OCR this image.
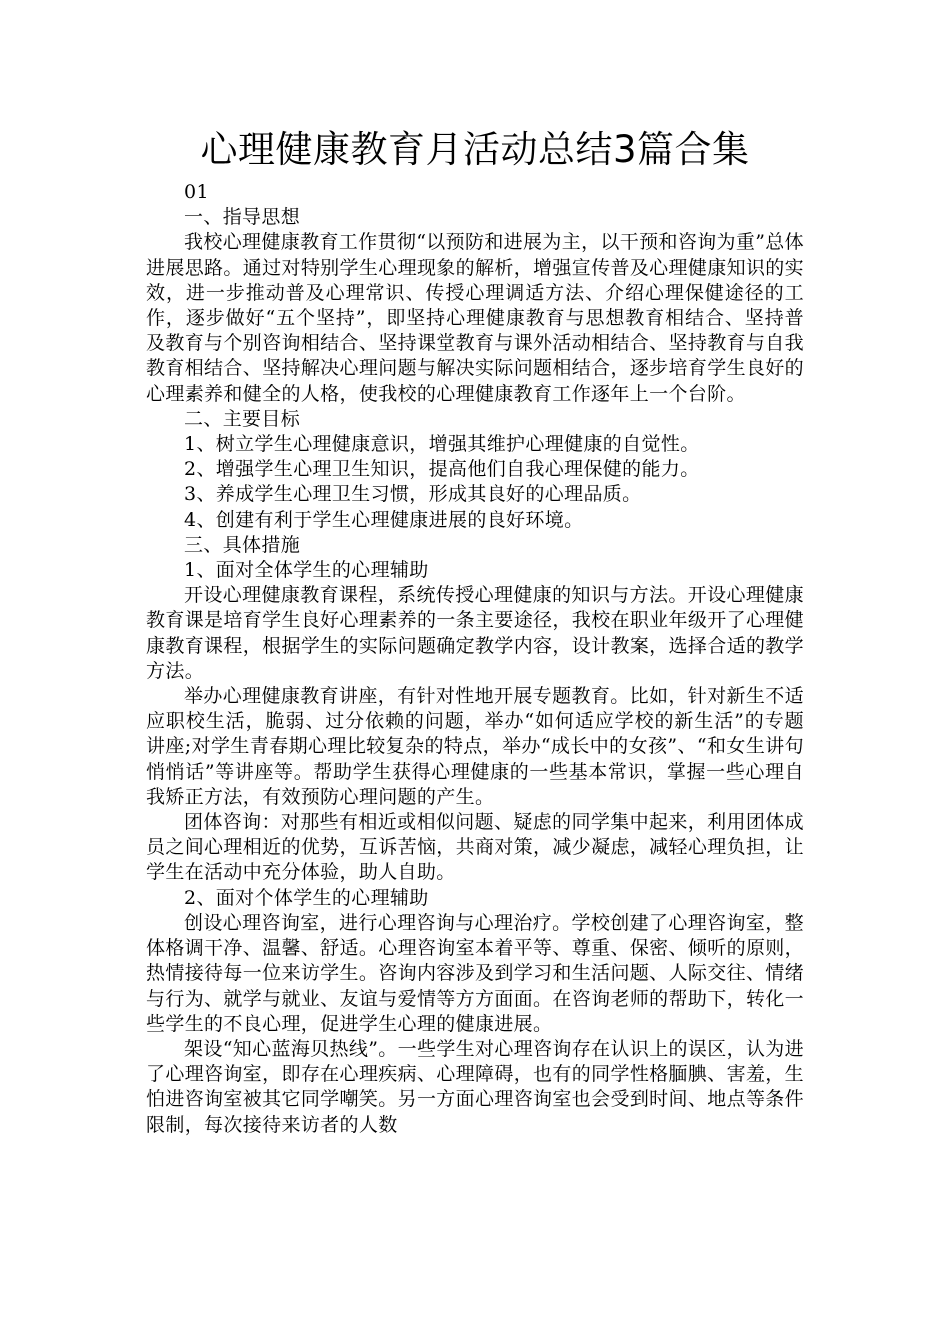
心理健康教育月活动总结3篇合集

01

一、指导思想

我校心理健康教育工作贯彻“以预防和进展为主，以干预和咨询为重”总体进展思路。通过对特别学生心理现象的解析，增强宣传普及心理健康知识的实效，进一步推动普及心理常识、传授心理调适方法、介绍心理保健途径的工作，逐步做好“五个坚持”，即坚持心理健康教育与思想教育相结合、坚持普及教育与个别咨询相结合、坚持课堂教育与课外活动相结合、坚持教育与自我教育相结合、坚持解决心理问题与解决实际问题相结合，逐步培育学生良好的心理素养和健全的人格，使我校的心理健康教育工作逐年上一个台阶。

二、主要目标

1、树立学生心理健康意识，增强其维护心理健康的自觉性。

2、增强学生心理卫生知识，提高他们自我心理保健的能力。

3、养成学生心理卫生习惯，形成其良好的心理品质。

4、创建有利于学生心理健康进展的良好环境。

三、具体措施

1、面对全体学生的心理辅助

开设心理健康教育课程，系统传授心理健康的知识与方法。开设心理健康教育课是培育学生良好心理素养的一条主要途径，我校在职业年级开了心理健康教育课程，根据学生的实际问题确定教学内容，设计教案，选择合适的教学方法。

举办心理健康教育讲座，有针对性地开展专题教育。比如，针对新生不适应职校生活，脆弱、过分依赖的问题，举办“如何适应学校的新生活”的专题讲座;对学生青春期心理比较复杂的特点，举办“成长中的女孩”、“和女生讲句悄悄话”等讲座等。帮助学生获得心理健康的一些基本常识，掌握一些心理自我矫正方法，有效预防心理问题的产生。

团体咨询：对那些有相近或相似问题、疑虑的同学集中起来，利用团体成员之间心理相近的优势，互诉苦恼，共商对策，减少凝虑，减轻心理负担，让学生在活动中充分体验，助人自助。

2、面对个体学生的心理辅助

创设心理咨询室，进行心理咨询与心理治疗。学校创建了心理咨询室，整体格调干净、温馨、舒适。心理咨询室本着平等、尊重、保密、倾听的原则，热情接待每一位来访学生。咨询内容涉及到学习和生活问题、人际交往、情绪与行为、就学与就业、友谊与爱情等方方面面。在咨询老师的帮助下，转化一些学生的不良心理，促进学生心理的健康进展。

架设“知心蓝海贝热线”。一些学生对心理咨询存在认识上的误区，认为进了心理咨询室，即存在心理疾病、心理障碍，也有的同学性格腼腆、害羞，生怕进咨询室被其它同学嘲笑。另一方面心理咨询室也会受到时间、地点等条件限制，每次接待来访者的人数
